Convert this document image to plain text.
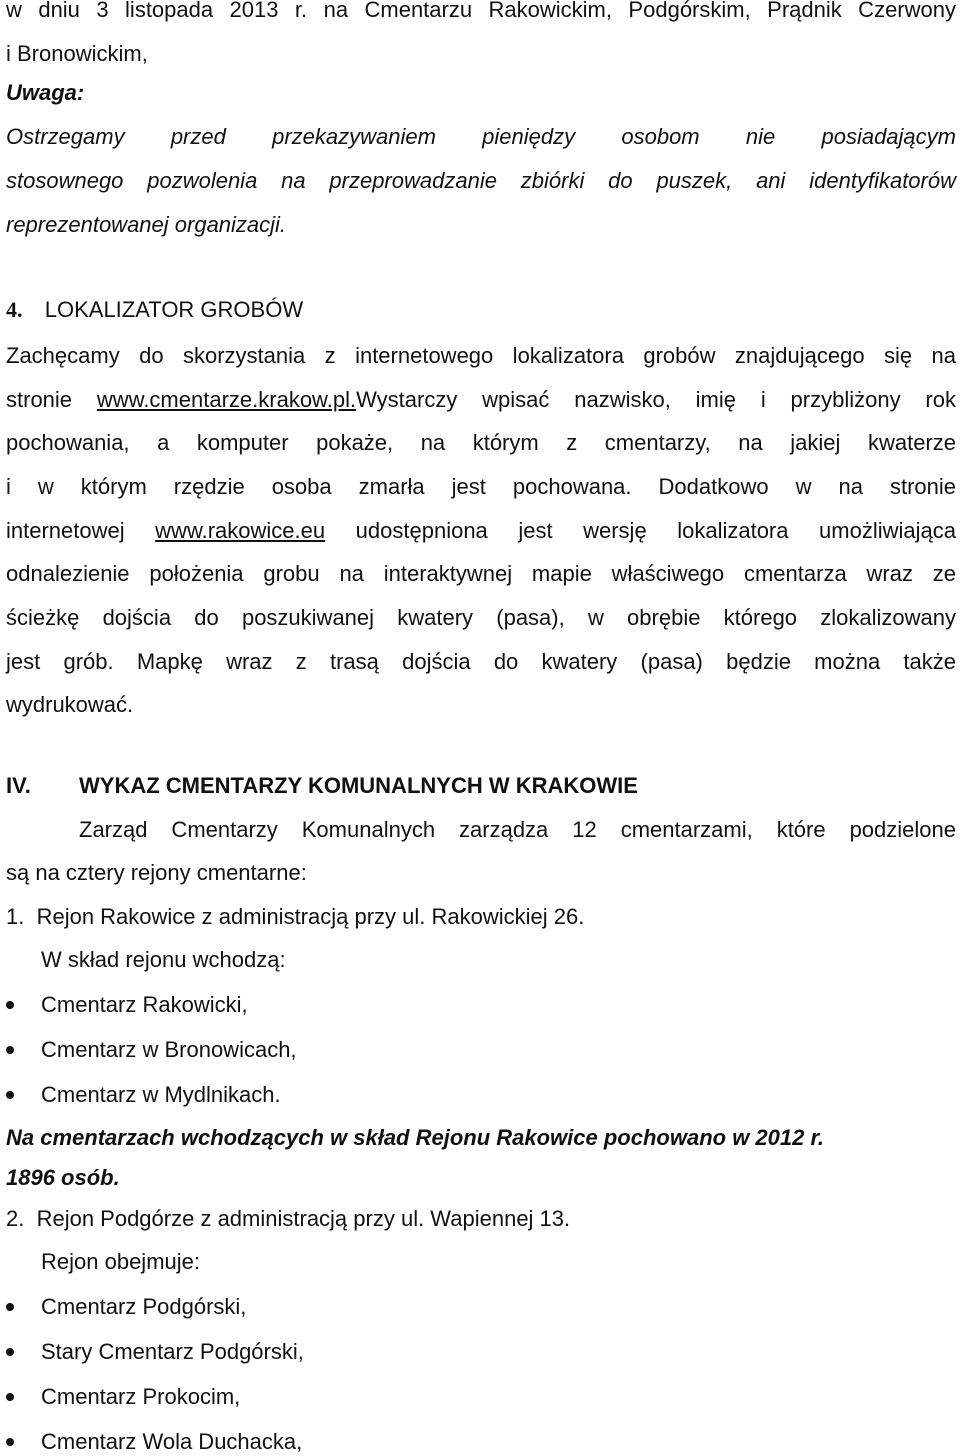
w dniu 3 listopada 2013 r. na Cmentarzu Rakowickim, Podgórskim, Prądnik Czerwony
i Bronowickim,
Uwaga:
Ostrzegamy przed przekazywaniem pieniędzy osobom nie posiadającym
stosownego pozwolenia na przeprowadzanie zbiórki do puszek, ani identyfikatorów
reprezentowanej organizacji.
4. LOKALIZATOR GROBÓW
Zachęcamy do skorzystania z internetowego lokalizatora grobów znajdującego się na
stronie www.cmentarze.krakow.pl.Wystarczy wpisać nazwisko, imię i przybliżony rok
pochowania, a komputer pokaże, na którym z cmentarzy, na jakiej kwaterze
i w którym rzędzie osoba zmarła jest pochowana. Dodatkowo w na stronie
internetowej www.rakowice.eu udostępniona jest wersję lokalizatora umożliwiająca
odnalezienie położenia grobu na interaktywnej mapie właściwego cmentarza wraz ze
ścieżkę dojścia do poszukiwanej kwatery (pasa), w obrębie którego zlokalizowany
jest grób. Mapkę wraz z trasą dojścia do kwatery (pasa) będzie można także
wydrukować.
IV. WYKAZ CMENTARZY KOMUNALNYCH W KRAKOWIE
Zarząd Cmentarzy Komunalnych zarządza 12 cmentarzami, które podzielone
są na cztery rejony cmentarne:
1.  Rejon Rakowice z administracją przy ul. Rakowickiej 26.
W skład rejonu wchodzą:
Cmentarz Rakowicki,
Cmentarz w Bronowicach,
Cmentarz w Mydlnikach.
Na cmentarzach wchodzących w skład Rejonu Rakowice pochowano w 2012 r.
1896 osób.
2.  Rejon Podgórze z administracją przy ul. Wapiennej 13.
Rejon obejmuje:
Cmentarz Podgórski,
Stary Cmentarz Podgórski,
Cmentarz Prokocim,
Cmentarz Wola Duchacka,
